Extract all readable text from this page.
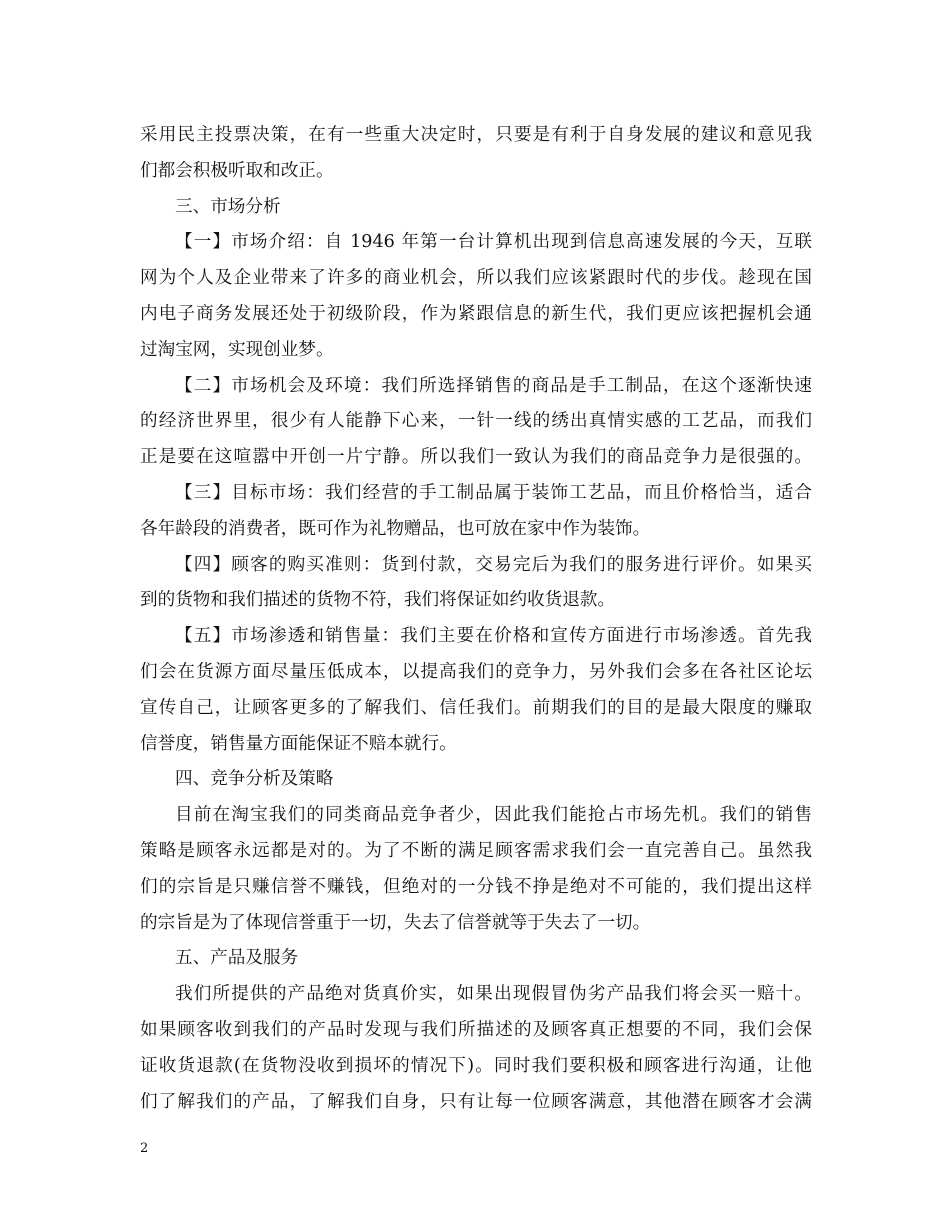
采用民主投票决策，在有一些重大决定时，只要是有利于自身发展的建议和意见我
们都会积极听取和改正。
三、市场分析
【一】市场介绍：自 1946 年第一台计算机出现到信息高速发展的今天，互联
网为个人及企业带来了许多的商业机会，所以我们应该紧跟时代的步伐。趁现在国
内电子商务发展还处于初级阶段，作为紧跟信息的新生代，我们更应该把握机会通
过淘宝网，实现创业梦。
【二】市场机会及环境：我们所选择销售的商品是手工制品，在这个逐渐快速
的经济世界里，很少有人能静下心来，一针一线的绣出真情实感的工艺品，而我们
正是要在这喧嚣中开创一片宁静。所以我们一致认为我们的商品竞争力是很强的。
【三】目标市场：我们经营的手工制品属于装饰工艺品，而且价格恰当，适合
各年龄段的消费者，既可作为礼物赠品，也可放在家中作为装饰。
【四】顾客的购买准则：货到付款，交易完后为我们的服务进行评价。如果买
到的货物和我们描述的货物不符，我们将保证如约收货退款。
【五】市场渗透和销售量：我们主要在价格和宣传方面进行市场渗透。首先我
们会在货源方面尽量压低成本，以提高我们的竞争力，另外我们会多在各社区论坛
宣传自己，让顾客更多的了解我们、信任我们。前期我们的目的是最大限度的赚取
信誉度，销售量方面能保证不赔本就行。
四、竞争分析及策略
目前在淘宝我们的同类商品竞争者少，因此我们能抢占市场先机。我们的销售
策略是顾客永远都是对的。为了不断的满足顾客需求我们会一直完善自己。虽然我
们的宗旨是只赚信誉不赚钱，但绝对的一分钱不挣是绝对不可能的，我们提出这样
的宗旨是为了体现信誉重于一切，失去了信誉就等于失去了一切。
五、产品及服务
我们所提供的产品绝对货真价实，如果出现假冒伪劣产品我们将会买一赔十。
如果顾客收到我们的产品时发现与我们所描述的及顾客真正想要的不同，我们会保
证收货退款(在货物没收到损坏的情况下)。同时我们要积极和顾客进行沟通，让他
们了解我们的产品，了解我们自身，只有让每一位顾客满意，其他潜在顾客才会满
2
